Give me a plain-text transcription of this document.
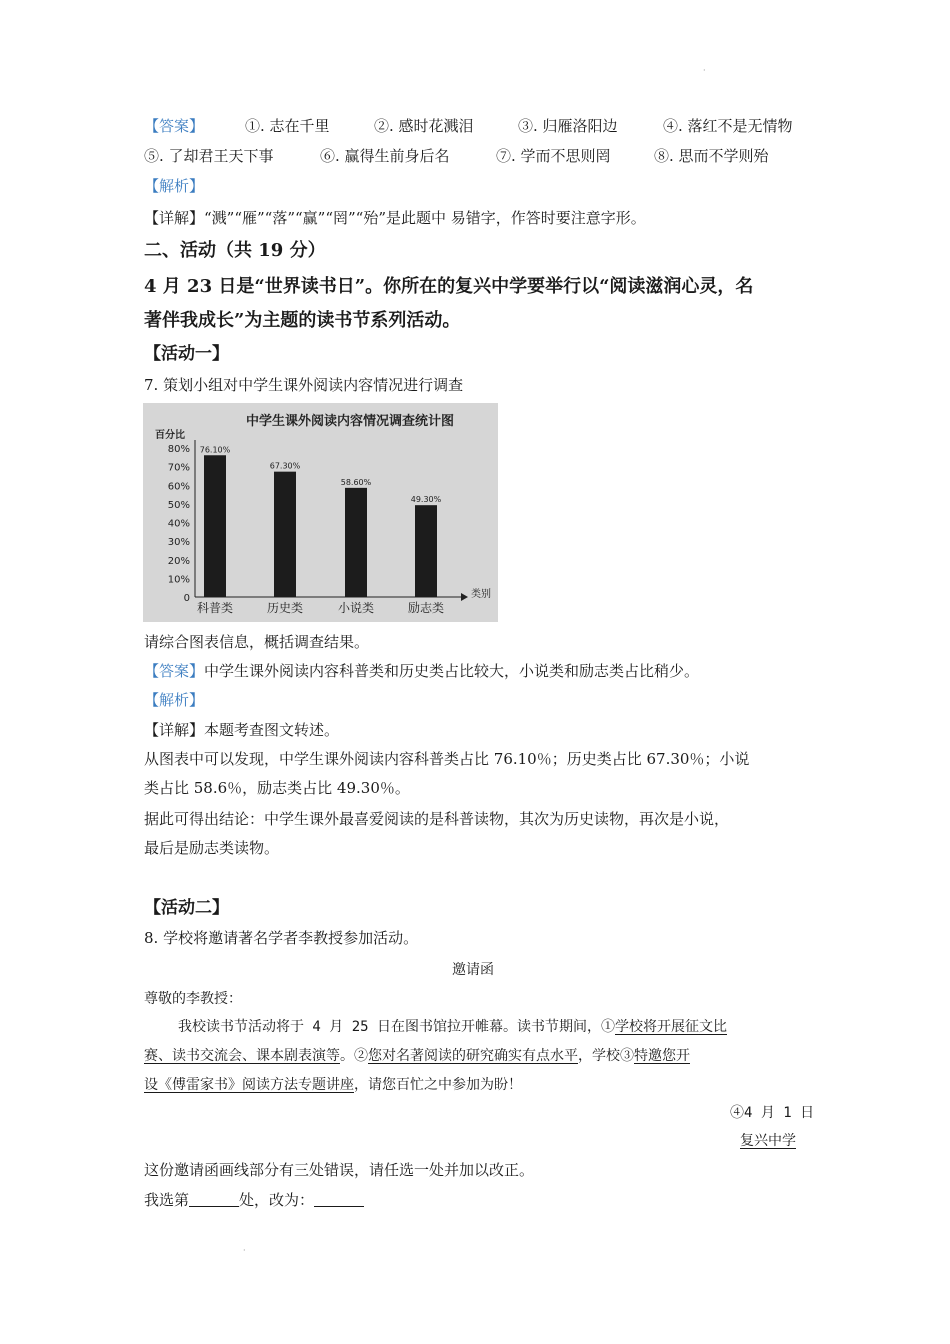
·
·
【答案】	①. 志在千里	②. 感时花溅泪	③. 归雁洛阳边	④. 落红不是无情物
⑤. 了却君王天下事	⑥. 赢得生前身后名	⑦. 学而不思则罔	⑧. 思而不学则殆
【解析】
【详解】“溅”“雁”“落”“赢”“罔”“殆”是此题中 易错字，作答时要注意字形。
二、活动（共 19 分）
4 月 23 日是“世界读书日”。你所在的复兴中学要举行以“阅读滋润心灵，名
著伴我成长”为主题的读书节系列活动。
【活动一】
7. 策划小组对中学生课外阅读内容情况进行调查
中学生课外阅读内容情况调查统计图
百分比
类别
0
10%
20%
30%
40%
50%
60%
70%
80% 76.10%
科普类
67.30%
历史类
58.60%
小说类
49.30%
励志类
请综合图表信息，概括调查结果。
【答案】中学生课外阅读内容科普类和历史类占比较大，小说类和励志类占比稍少。
【解析】
【详解】本题考查图文转述。
从图表中可以发现，中学生课外阅读内容科普类占比 76.10％；历史类占比 67.30％；小说
类占比 58.6％，励志类占比 49.30％。
据此可得出结论：中学生课外最喜爱阅读的是科普读物，其次为历史读物，再次是小说，
最后是励志类读物。
【活动二】
8. 学校将邀请著名学者李教授参加活动。
邀请函
尊敬的李教授：
我校读书节活动将于 4 月 25 日在图书馆拉开帷幕。读书节期间，①学校将开展征文比
赛、读书交流会、课本剧表演等。②您对名著阅读的研究确实有点水平，学校③特邀您开
设《傅雷家书》阅读方法专题讲座，请您百忙之中参加为盼！
④4 月 1 日
复兴中学
这份邀请函画线部分有三处错误，请任选一处并加以改正。
我选第	处，改为：
